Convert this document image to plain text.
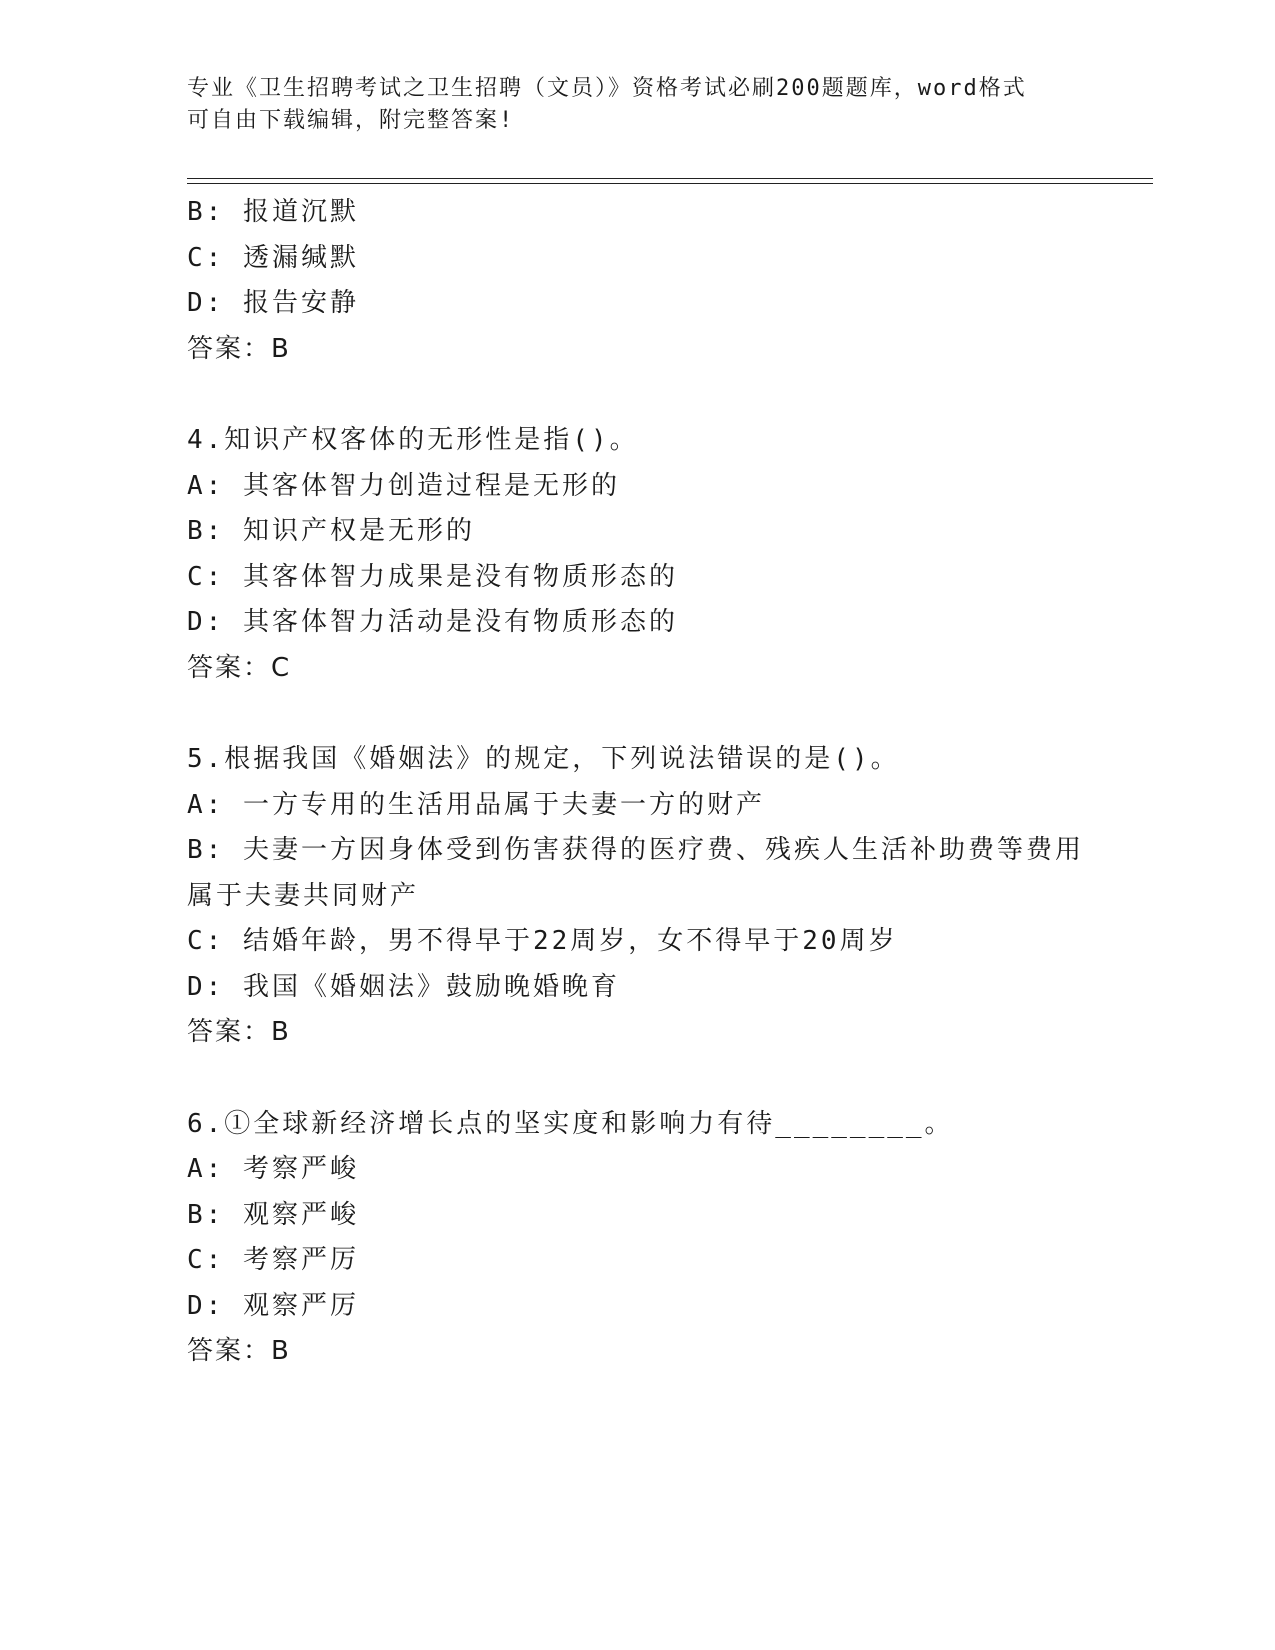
专业《卫生招聘考试之卫生招聘（文员）》资格考试必刷200题题库，word格式
可自由下载编辑，附完整答案!
B: 报道沉默
C: 透漏缄默
D: 报告安静
答案：B
4.知识产权客体的无形性是指()。
A: 其客体智力创造过程是无形的
B: 知识产权是无形的
C: 其客体智力成果是没有物质形态的
D: 其客体智力活动是没有物质形态的
答案：C
5.根据我国《婚姻法》的规定，下列说法错误的是()。
A: 一方专用的生活用品属于夫妻一方的财产
B: 夫妻一方因身体受到伤害获得的医疗费、残疾人生活补助费等费用
属于夫妻共同财产
C: 结婚年龄，男不得早于22周岁，女不得早于20周岁
D: 我国《婚姻法》鼓励晚婚晚育
答案：B
6.①全球新经济增长点的坚实度和影响力有待________。
A: 考察严峻
B: 观察严峻
C: 考察严厉
D: 观察严厉
答案：B
